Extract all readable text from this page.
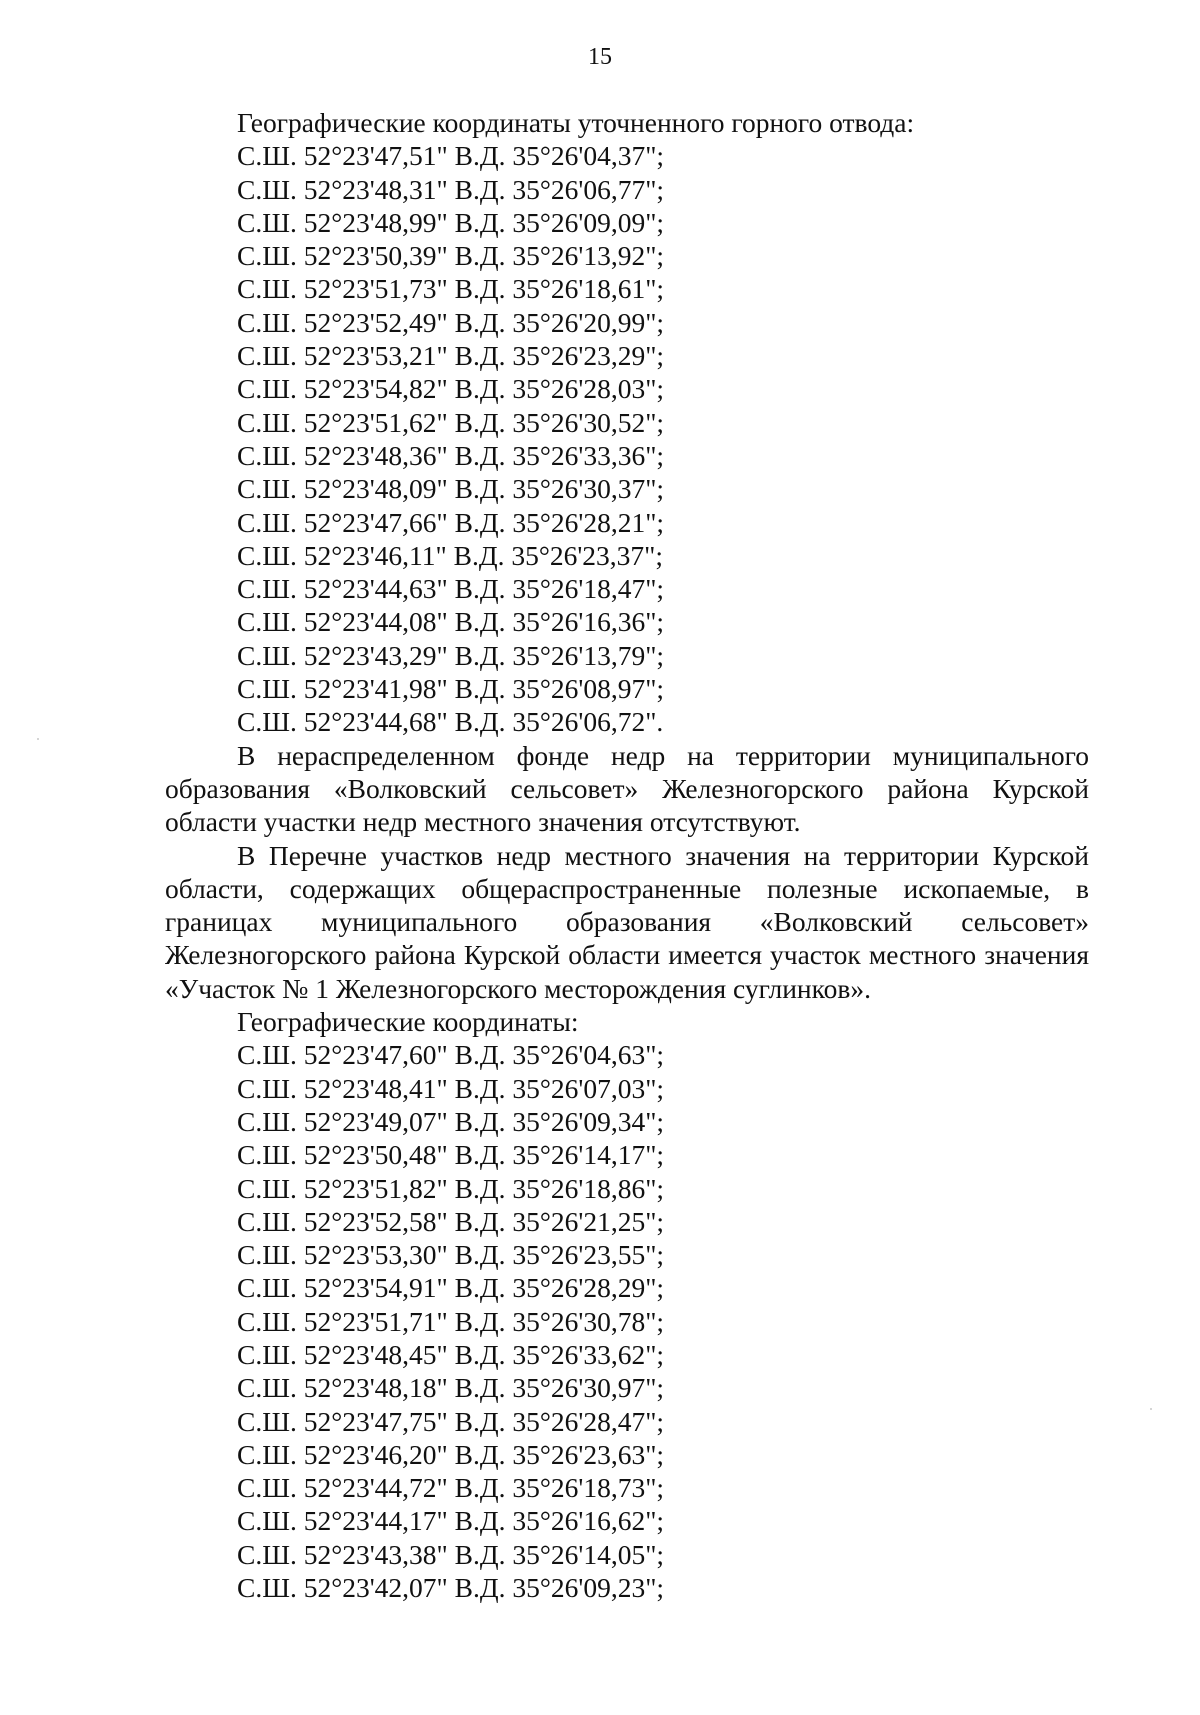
15
Географические координаты уточненного горного отвода:
С.Ш. 52°23'47,51" В.Д. 35°26'04,37";
С.Ш. 52°23'48,31" В.Д. 35°26'06,77";
С.Ш. 52°23'48,99" В.Д. 35°26'09,09";
С.Ш. 52°23'50,39" В.Д. 35°26'13,92";
С.Ш. 52°23'51,73" В.Д. 35°26'18,61";
С.Ш. 52°23'52,49" В.Д. 35°26'20,99";
С.Ш. 52°23'53,21" В.Д. 35°26'23,29";
С.Ш. 52°23'54,82" В.Д. 35°26'28,03";
С.Ш. 52°23'51,62" В.Д. 35°26'30,52";
С.Ш. 52°23'48,36" В.Д. 35°26'33,36";
С.Ш. 52°23'48,09" В.Д. 35°26'30,37";
С.Ш. 52°23'47,66" В.Д. 35°26'28,21";
С.Ш. 52°23'46,11" В.Д. 35°26'23,37";
С.Ш. 52°23'44,63" В.Д. 35°26'18,47";
С.Ш. 52°23'44,08" В.Д. 35°26'16,36";
С.Ш. 52°23'43,29" В.Д. 35°26'13,79";
С.Ш. 52°23'41,98" В.Д. 35°26'08,97";
С.Ш. 52°23'44,68" В.Д. 35°26'06,72".

В нераспределенном фонде недр на территории муниципального образования «Волковский сельсовет» Железногорского района Курской области участки недр местного значения отсутствуют.

В Перечне участков недр местного значения на территории Курской области, содержащих общераспространенные полезные ископаемые, в границах муниципального образования «Волковский сельсовет» Железногорского района Курской области имеется участок местного значения «Участок № 1 Железногорского месторождения суглинков».

Географические координаты:
С.Ш. 52°23'47,60" В.Д. 35°26'04,63";
С.Ш. 52°23'48,41" В.Д. 35°26'07,03";
С.Ш. 52°23'49,07" В.Д. 35°26'09,34";
С.Ш. 52°23'50,48" В.Д. 35°26'14,17";
С.Ш. 52°23'51,82" В.Д. 35°26'18,86";
С.Ш. 52°23'52,58" В.Д. 35°26'21,25";
С.Ш. 52°23'53,30" В.Д. 35°26'23,55";
С.Ш. 52°23'54,91" В.Д. 35°26'28,29";
С.Ш. 52°23'51,71" В.Д. 35°26'30,78";
С.Ш. 52°23'48,45" В.Д. 35°26'33,62";
С.Ш. 52°23'48,18" В.Д. 35°26'30,97";
С.Ш. 52°23'47,75" В.Д. 35°26'28,47";
С.Ш. 52°23'46,20" В.Д. 35°26'23,63";
С.Ш. 52°23'44,72" В.Д. 35°26'18,73";
С.Ш. 52°23'44,17" В.Д. 35°26'16,62";
С.Ш. 52°23'43,38" В.Д. 35°26'14,05";
С.Ш. 52°23'42,07" В.Д. 35°26'09,23";
